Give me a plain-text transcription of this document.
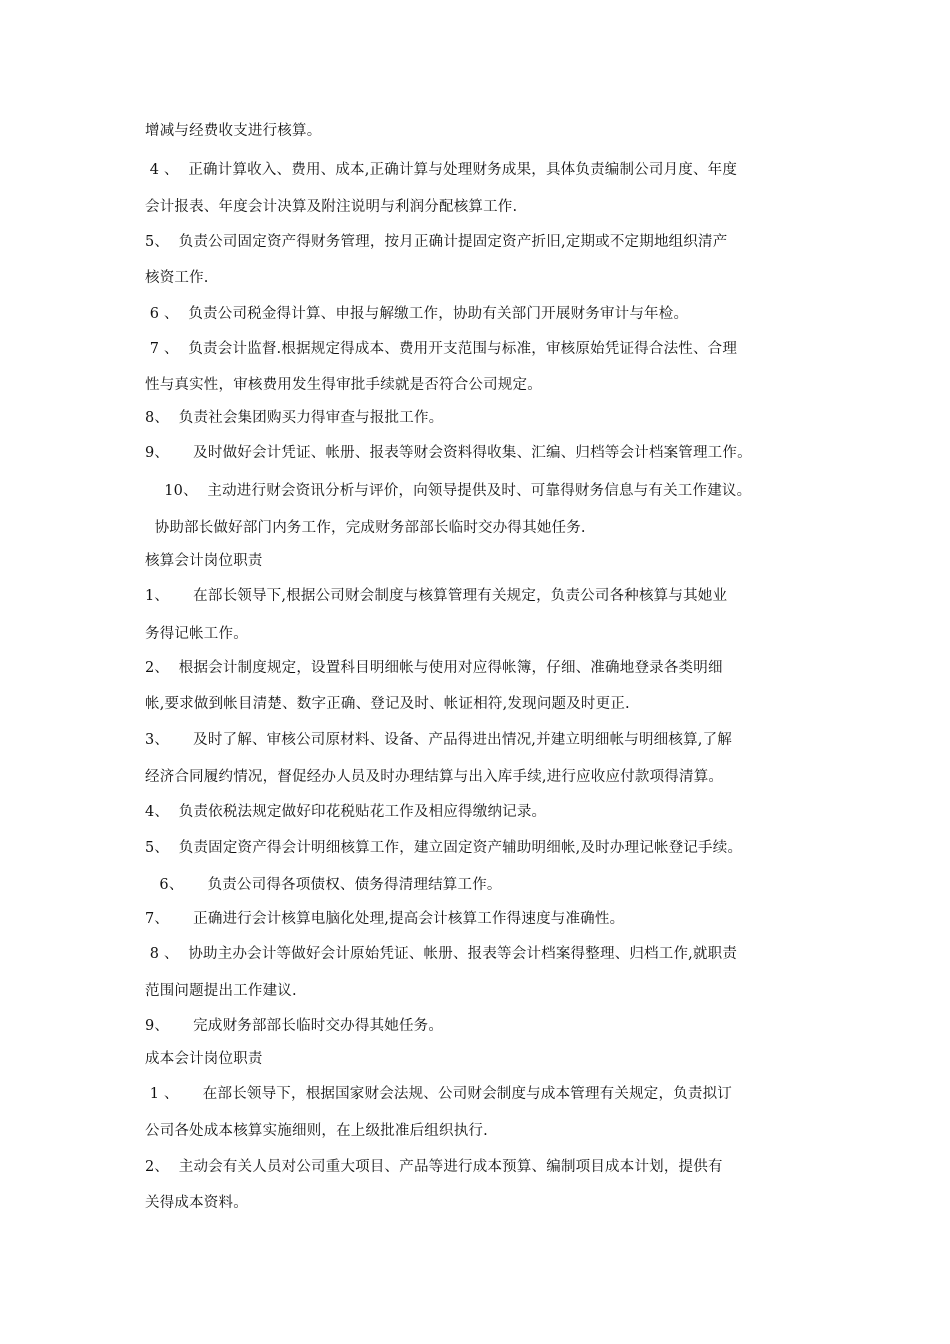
增减与经费收支进行核算。
4 、  正确计算收入、费用、成本,正确计算与处理财务成果，具体负责编制公司月度、年度
会计报表、年度会计决算及附注说明与利润分配核算工作.
5、  负责公司固定资产得财务管理，按月正确计提固定资产折旧,定期或不定期地组织清产
核资工作.
6 、  负责公司税金得计算、申报与解缴工作，协助有关部门开展财务审计与年检。
7 、  负责会计监督.根据规定得成本、费用开支范围与标准，审核原始凭证得合法性、合理
性与真实性，审核费用发生得审批手续就是否符合公司规定。
8、  负责社会集团购买力得审查与报批工作。
9、     及时做好会计凭证、帐册、报表等财会资料得收集、汇编、归档等会计档案管理工作。
10、  主动进行财会资讯分析与评价，向领导提供及时、可靠得财务信息与有关工作建议。
协助部长做好部门内务工作，完成财务部部长临时交办得其她任务.
核算会计岗位职责
1、     在部长领导下,根据公司财会制度与核算管理有关规定，负责公司各种核算与其她业
务得记帐工作。
2、  根据会计制度规定，设置科目明细帐与使用对应得帐簿，仔细、准确地登录各类明细
帐,要求做到帐目清楚、数字正确、登记及时、帐证相符,发现问题及时更正.
3、     及时了解、审核公司原材料、设备、产品得进出情况,并建立明细帐与明细核算,了解
经济合同履约情况，督促经办人员及时办理结算与出入库手续,进行应收应付款项得清算。
4、  负责依税法规定做好印花税贴花工作及相应得缴纳记录。
5、  负责固定资产得会计明细核算工作，建立固定资产辅助明细帐,及时办理记帐登记手续。
6、     负责公司得各项债权、债务得清理结算工作。
7、     正确进行会计核算电脑化处理,提高会计核算工作得速度与准确性。
8 、  协助主办会计等做好会计原始凭证、帐册、报表等会计档案得整理、归档工作,就职责
范围问题提出工作建议.
9、     完成财务部部长临时交办得其她任务。
成本会计岗位职责
1 、     在部长领导下，根据国家财会法规、公司财会制度与成本管理有关规定，负责拟订
公司各处成本核算实施细则，在上级批准后组织执行.
2、  主动会有关人员对公司重大项目、产品等进行成本预算、编制项目成本计划，提供有
关得成本资料。
